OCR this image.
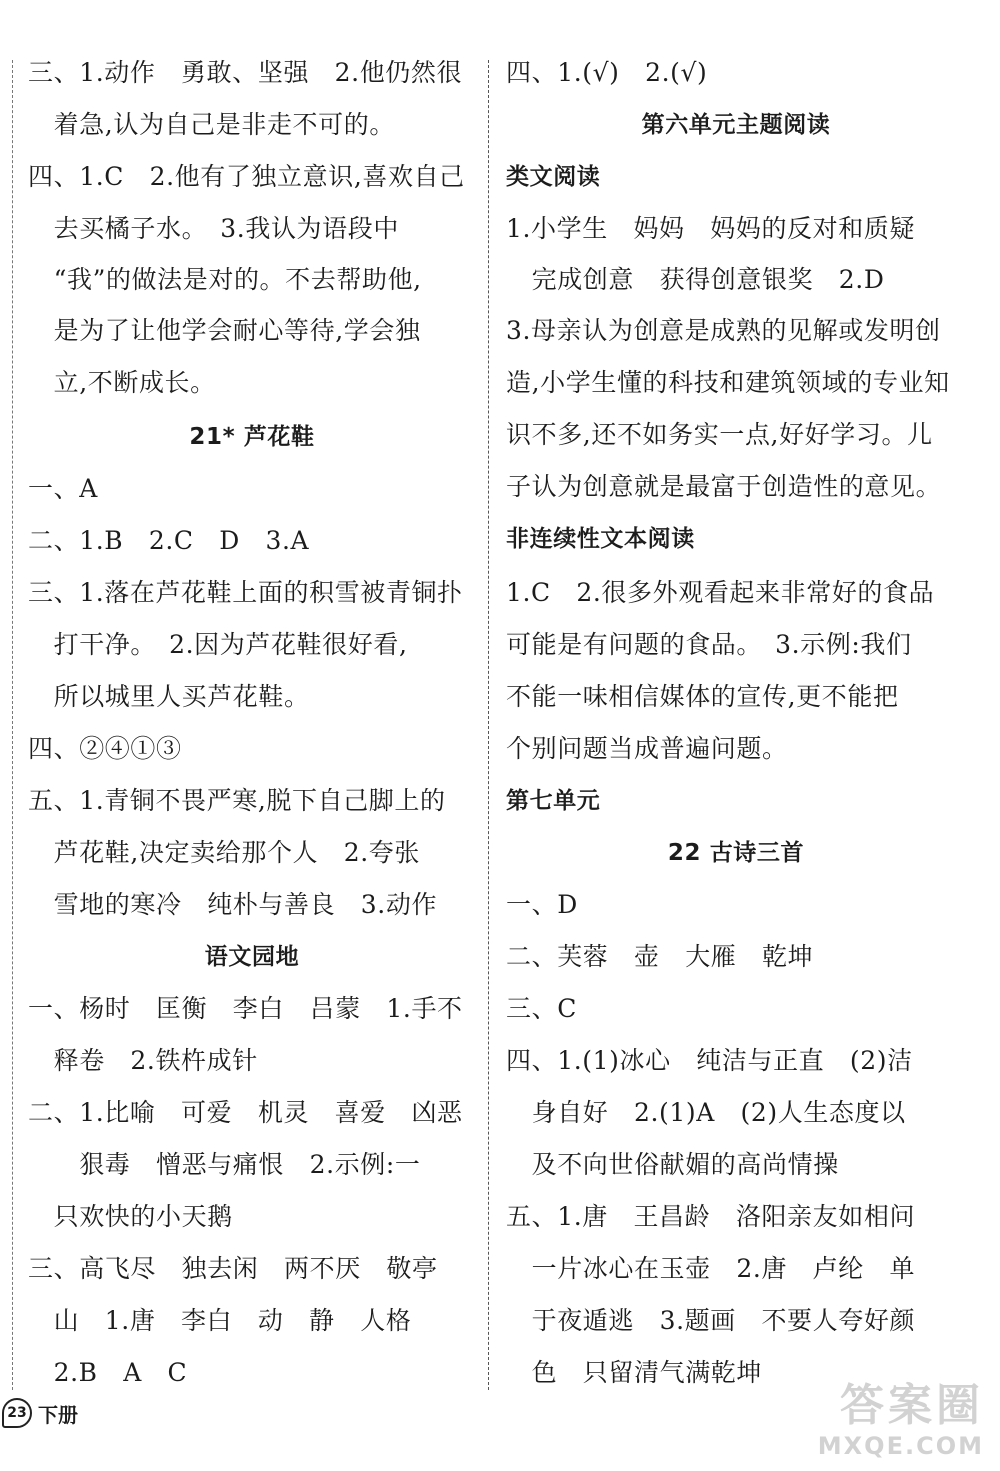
三、1.动作　勇敢、坚强　2.他仍然很
　着急,认为自己是非走不可的。
四、1.C　2.他有了独立意识,喜欢自己
　去买橘子水。　3.我认为语段中
　“我”的做法是对的。不去帮助他,
　是为了让他学会耐心等待,学会独
　立,不断成长。
21* 芦花鞋
一、A
二、1.B　2.C　D　3.A
三、1.落在芦花鞋上面的积雪被青铜扑
　打干净。　2.因为芦花鞋很好看,
　所以城里人买芦花鞋。
四、②④①③
五、1.青铜不畏严寒,脱下自己脚上的
　芦花鞋,决定卖给那个人　2.夸张
　雪地的寒冷　纯朴与善良　3.动作
语文园地
一、杨时　匡衡　李白　吕蒙　1.手不
　释卷　2.铁杵成针
二、1.比喻　可爱　机灵　喜爱　凶恶
　　狠毒　憎恶与痛恨　2.示例:一
　只欢快的小天鹅
三、高飞尽　独去闲　两不厌　敬亭
　山　1.唐　李白　动　静　人格
　2.B　A　C
四、1.(√)　2.(√)
第六单元主题阅读
类文阅读
1.小学生　妈妈　妈妈的反对和质疑
　完成创意　获得创意银奖　2.D
3.母亲认为创意是成熟的见解或发明创
造,小学生懂的科技和建筑领域的专业知
识不多,还不如务实一点,好好学习。儿
子认为创意就是最富于创造性的意见。
非连续性文本阅读
1.C　2.很多外观看起来非常好的食品
可能是有问题的食品。　3.示例:我们
不能一味相信媒体的宣传,更不能把
个别问题当成普遍问题。
第七单元
22 古诗三首
一、D
二、芙蓉　壶　大雁　乾坤
三、C
四、1.(1)冰心　纯洁与正直　(2)洁
　身自好　2.(1)A　(2)人生态度以
　及不向世俗献媚的高尚情操
五、1.唐　王昌龄　洛阳亲友如相问
　一片冰心在玉壶　2.唐　卢纶　单
　于夜遁逃　3.题画　不要人夸好颜
　色　只留清气满乾坤
23 下册	答案圈
MXQE.COM
